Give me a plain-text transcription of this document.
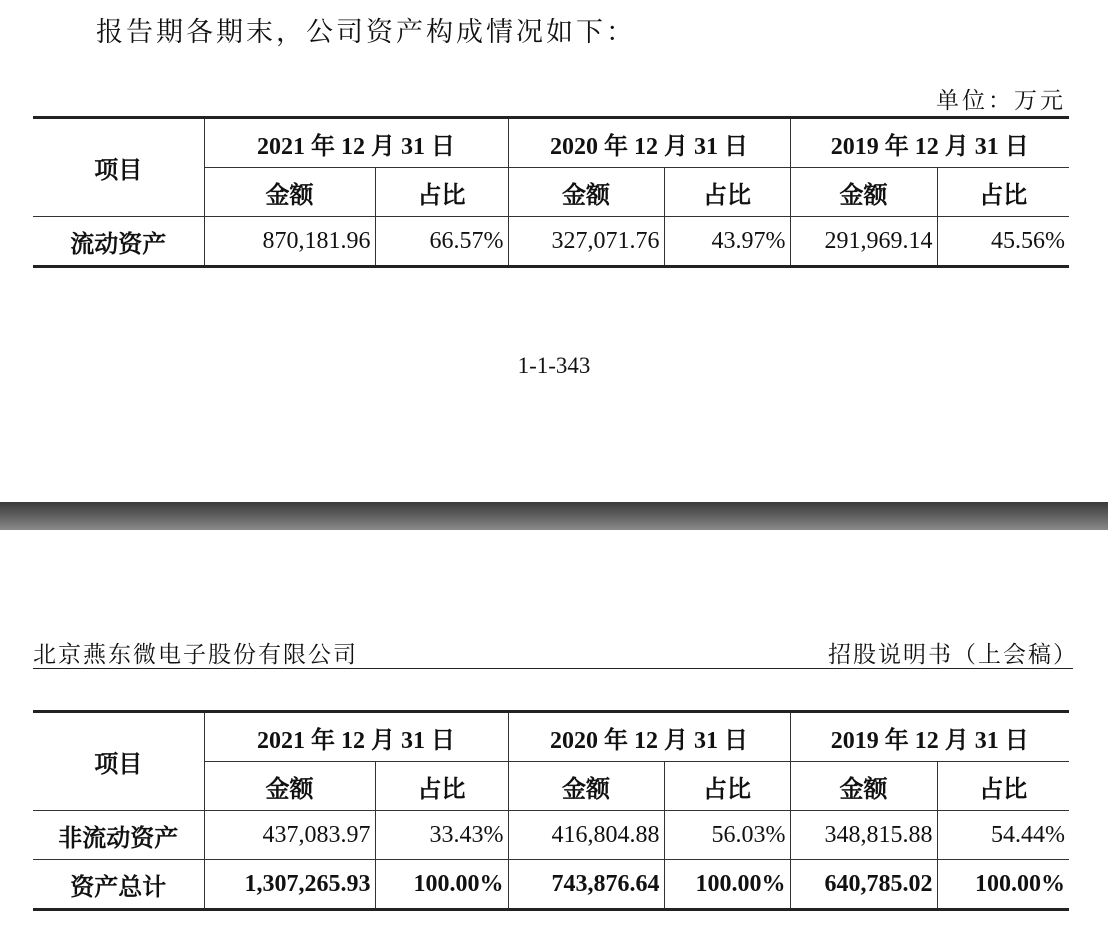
报告期各期末，公司资产构成情况如下：
单位：万元
项目	2021 年 12 月 31 日		2020 年 12 月 31 日		2019 年 12 月 31 日	
	金额	占比	金额	占比	金额	占比
流动资产	870,181.96	66.57%	327,071.76	43.97%	291,969.14	45.56%
1-1-343
北京燕东微电子股份有限公司	招股说明书（上会稿）
项目	2021 年 12 月 31 日		2020 年 12 月 31 日		2019 年 12 月 31 日	
	金额	占比	金额	占比	金额	占比
非流动资产	437,083.97	33.43%	416,804.88	56.03%	348,815.88	54.44%
资产总计	1,307,265.93	100.00%	743,876.64	100.00%	640,785.02	100.00%
